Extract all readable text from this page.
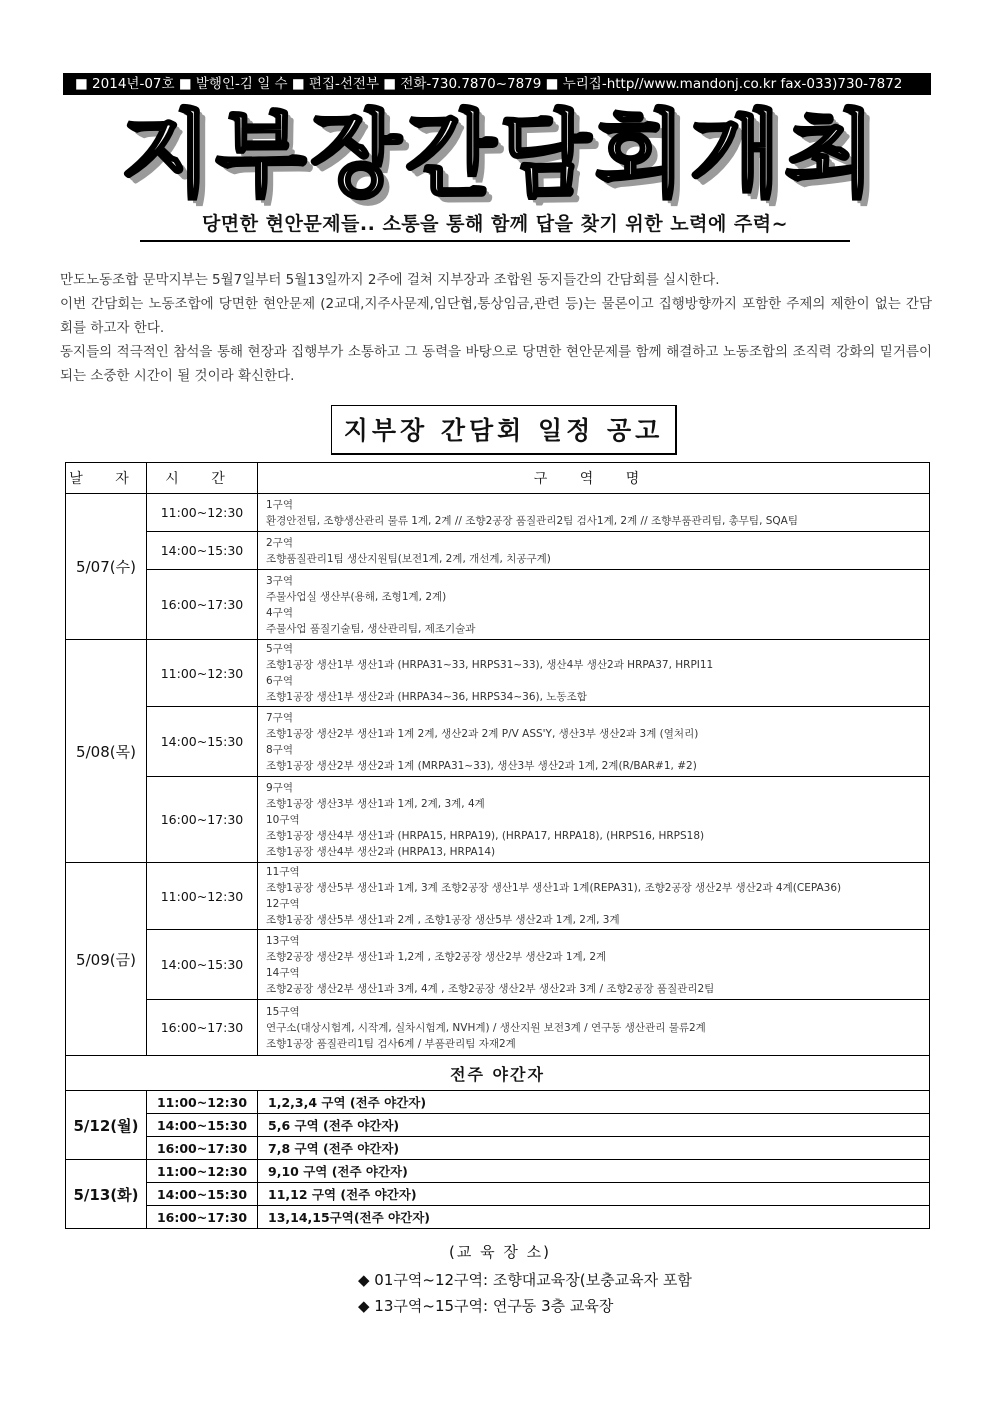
■ 2014년-07호 ■ 발행인-김 일 수 ■ 편집-선전부 ■ 전화-730.7870~7879 ■ 누리집-http//www.mandonj.co.kr fax-033)730-7872
지부장간담회개최
당면한 현안문제들.. 소통을 통해 함께 답을 찾기 위한 노력에 주력~

만도노동조합 문막지부는 5월7일부터 5월13일까지 2주에 걸쳐 지부장과 조합원 동지들간의 간담회를 실시한다.

이번 간담회는 노동조합에 당면한 현안문제 (2교대,지주사문제,임단협,통상임금,관련 등)는 물론이고 집행방향까지 포함한 주제의 제한이 없는 간담회를 하고자 한다.

동지들의 적극적인 참석을 통해 현장과 집행부가 소통하고 그 동력을 바탕으로 당면한 현안문제를 함께 해결하고 노동조합의 조직력 강화의 밑거름이 되는 소중한 시간이 될 것이라 확신한다.

지부장 간담회 일정 공고
날 자	시 간	구 역 명
5/07(수)	11:00~12:30	1구역
환경안전팀, 조향생산관리 물류 1계, 2계 // 조향2공장 품질관리2팀 검사1계, 2계 // 조향부품관리팀, 총무팀, SQA팀

	14:00~15:30	2구역
조향품질관리1팀 생산지원팀(보전1계, 2계, 개선계, 치공구계)

	16:00~17:30	3구역
주물사업실 생산부(용해, 조형1계, 2계)
4구역
주물사업 품질기술팀, 생산관리팀, 제조기술과

5/08(목)	11:00~12:30	5구역
조향1공장 생산1부 생산1과 (HRPA31~33, HRPS31~33), 생산4부 생산2과 HRPA37, HRPI11
6구역
조향1공장 생산1부 생산2과 (HRPA34~36, HRPS34~36), 노동조합

	14:00~15:30	7구역
조향1공장 생산2부 생산1과 1계 2계, 생산2과 2계 P/V ASS'Y, 생산3부 생산2과 3계 (열처리)
8구역
조향1공장 생산2부 생산2과 1계 (MRPA31~33), 생산3부 생산2과 1계, 2계(R/BAR#1, #2)

	16:00~17:30	9구역
조향1공장 생산3부 생산1과 1계, 2계, 3계, 4계
10구역
조향1공장 생산4부 생산1과 (HRPA15, HRPA19), (HRPA17, HRPA18), (HRPS16, HRPS18)
조향1공장 생산4부 생산2과 (HRPA13, HRPA14)

5/09(금)	11:00~12:30	11구역
조향1공장 생산5부 생산1과 1계, 3계 조향2공장 생산1부 생산1과 1계(REPA31), 조향2공장 생산2부 생산2과 4계(CEPA36)
12구역
조향1공장 생산5부 생산1과 2계 , 조향1공장 생산5부 생산2과 1계, 2계, 3계

	14:00~15:30	13구역
조향2공장 생산2부 생산1과 1,2계 , 조향2공장 생산2부 생산2과 1계, 2계
14구역
조향2공장 생산2부 생산1과 3계, 4계 , 조향2공장 생산2부 생산2과 3계 / 조향2공장 품질관리2팀

	16:00~17:30	15구역
연구소(대상시험계, 시작계, 실차시험계, NVH계) / 생산지원 보전3계 / 연구동 생산관리 물류2계
조향1공장 품질관리1팀 검사6계 / 부품관리팀 자재2계

전주 야간자		
5/12(월)	11:00~12:30	1,2,3,4 구역 (전주 야간자)
	14:00~15:30	5,6 구역 (전주 야간자)
	16:00~17:30	7,8 구역 (전주 야간자)
5/13(화)	11:00~12:30	9,10 구역 (전주 야간자)
	14:00~15:30	11,12 구역 (전주 야간자)
	16:00~17:30	13,14,15구역(전주 야간자)
(교 육 장 소)
◆ 01구역~12구역: 조향대교육장(보충교육자 포함
◆ 13구역~15구역: 연구동 3층 교육장
